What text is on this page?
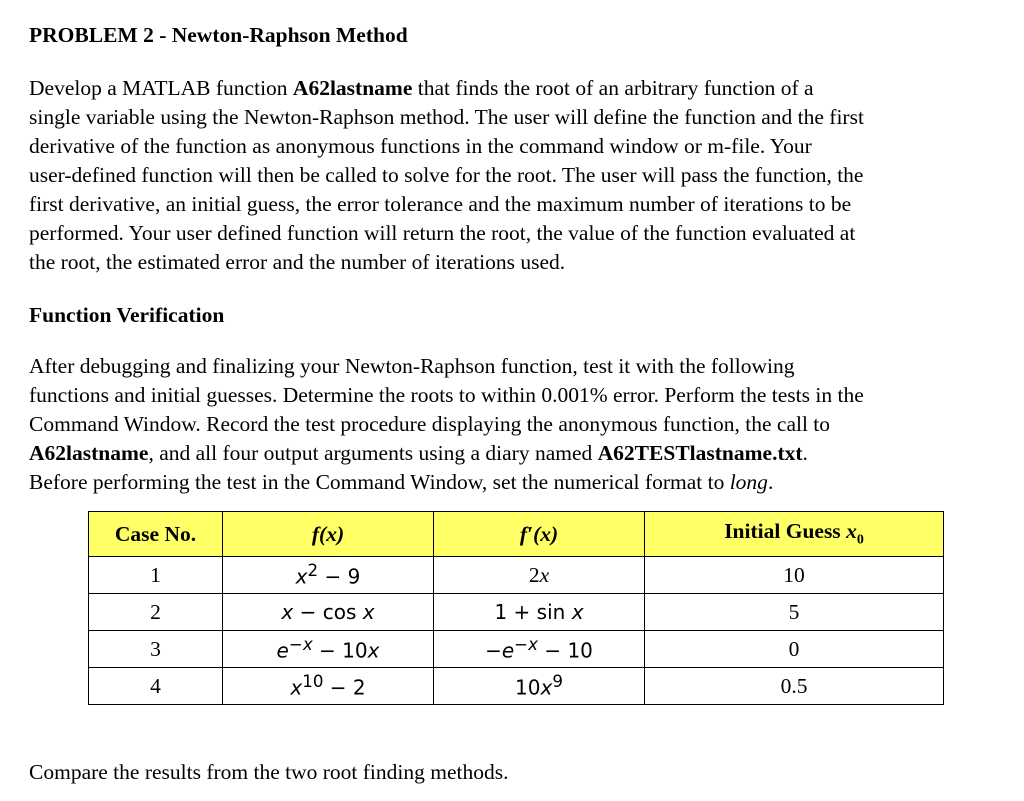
PROBLEM 2 - Newton-Raphson Method

Develop a MATLAB function A62lastname that finds the root of an arbitrary function of a
single variable using the Newton-Raphson method. The user will define the function and the first
derivative of the function as anonymous functions in the command window or m-file. Your
user-defined function will then be called to solve for the root. The user will pass the function, the
first derivative, an initial guess, the error tolerance and the maximum number of iterations to be
performed. Your user defined function will return the root, the value of the function evaluated at
the root, the estimated error and the number of iterations used.

Function Verification

After debugging and finalizing your Newton-Raphson function, test it with the following
functions and initial guesses. Determine the roots to within 0.001% error. Perform the tests in the
Command Window. Record the test procedure displaying the anonymous function, the call to
A62lastname, and all four output arguments using a diary named A62TESTlastname.txt.
Before performing the test in the Command Window, set the numerical format to long.

Case No.	f(x)	f′(x)	Initial Guess $x_0$
1	$x^2 - 9$	2x	10
2	x − cos x	1 + sin x	5
3	$e^{-x} - 10x$	$-e^{-x} - 10$	0
4	$x^{10} - 2$	$10x^9$	0.5

Compare the results from the two root finding methods.
